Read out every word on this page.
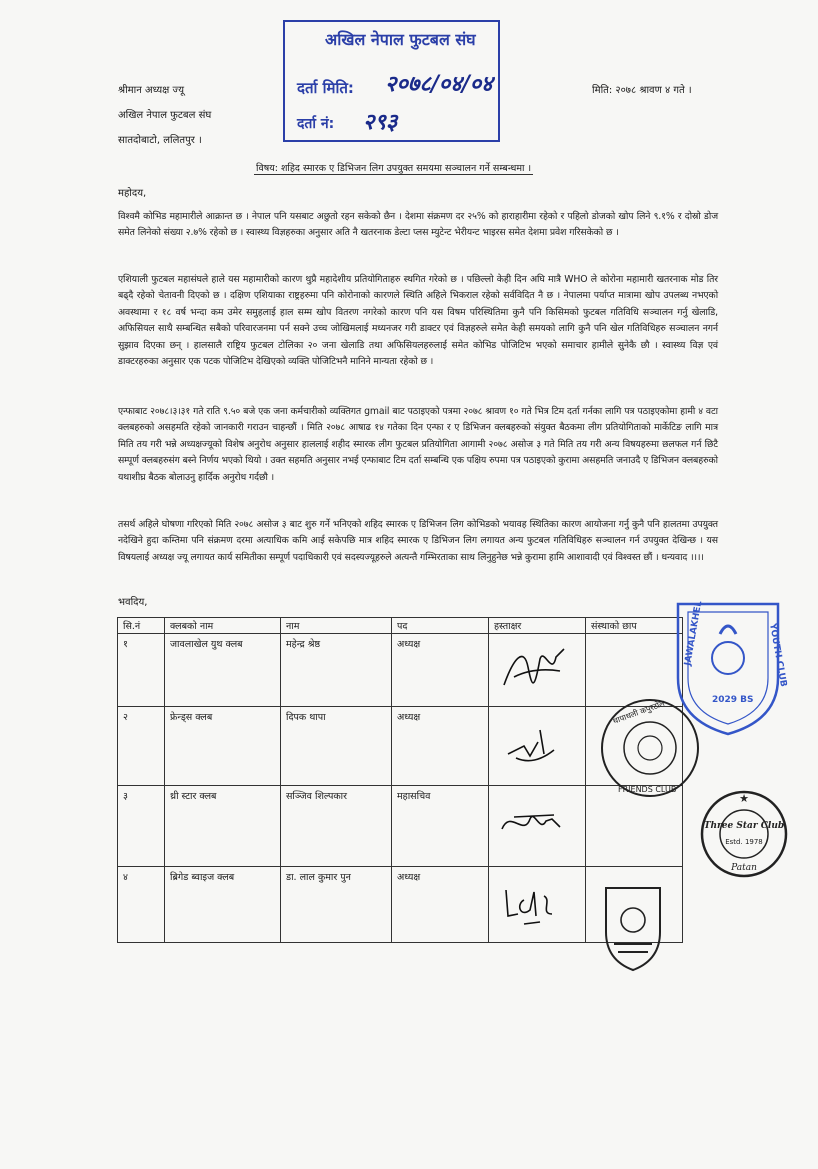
अखिल नेपाल फुटबल संघ
दर्ता मिति: २०७८/०४/०४
दर्ता नं: २९३
श्रीमान अध्यक्ष ज्यू
अखिल नेपाल फुटबल संघ
सातदोबाटो, ललितपुर ।
मिति: २०७८ श्रावण ४ गते ।
विषय: शहिद स्मारक ए डिभिजन लिग उपयुक्त समयमा सञ्चालन गर्ने सम्बन्धमा ।
महोदय,
विश्वमै कोभिड महामारीले आक्रान्त छ । नेपाल पनि यसबाट अछुतो रहन सकेको छैन । देशमा संक्रमण दर २५% को हाराहारीमा रहेको र पहिलो डोजको खोप लिने ९.१% र दोस्रो डोज समेत लिनेको संख्या २.७% रहेको छ । स्वास्थ्य विज्ञहरुका अनुसार अति नै खतरनाक डेल्टा प्लस म्युटेन्ट भेरीयन्ट भाइरस समेत देशमा प्रवेश गरिसकेको छ ।
एशियाली फुटबल महासंघले हाले यस महामारीको कारण थुप्रै महादेशीय प्रतियोगिताहरु स्थगित गरेको छ । पछिल्लो केही दिन अघि मात्रै WHO ले कोरोना महामारी खतरनाक मोड तिर बढ्दै रहेको चेतावनी दिएको छ । दक्षिण एशियाका राष्ट्रहरुमा पनि कोरोनाको कारणले स्थिति अहिले भिकराल रहेको सर्वविदित नै छ । नेपालमा पर्याप्त मात्रामा खोप उपलब्ध नभएको अवस्थामा र १८ वर्ष भन्दा कम उमेर समुहलाई हाल सम्म खोप वितरण नगरेको कारण पनि यस विषम परिस्थितिमा कुनै पनि किसिमको फुटबल गतिविधि सञ्चालन गर्नु खेलाडि, अफिसियल साथै सम्बन्धित सबैको परिवारजनमा पर्न सक्ने उच्च जोखिमलाई मध्यनजर गरी डाक्टर एवं विज्ञहरुले समेत केही समयको लागि कुनै पनि खेल गतिविधिहरु सञ्चालन नगर्न सुझाव दिएका छन् । हालसालै राष्ट्रिय फुटबल टोलिका २० जना खेलाडि तथा अफिसियलहरुलाई समेत कोभिड पोजिटिभ भएको समाचार हामीले सुनेकै छौ । स्वास्थ्य विज्ञ एवं डाक्टरहरुका अनुसार एक पटक पोजिटिभ देखिएको व्यक्ति पोजिटिभनै मानिने मान्यता रहेको छ ।
एन्फाबाट २०७८।३।३१ गते राति ९.५० बजे एक जना कर्मचारीको व्यक्तिगत gmail बाट पठाइएको पत्रमा २०७८ श्रावण १० गते भित्र टिम दर्ता गर्नका लागि पत्र पठाइएकोमा हामी ४ वटा क्लबहरुको असहमति रहेको जानकारी गराउन चाहन्छौं । मिति २०७८ आषाढ १४ गतेका दिन एन्फा र ए डिभिजन क्लबहरुको संयुक्त बैठकमा लीग प्रतियोगिताको मार्केटिङ लागि मात्र मिति तय गरी भन्ने अध्यक्षज्यूको विशेष अनुरोध अनुसार हाललाई शहीद स्मारक लीग फुटबल प्रतियोगिता आगामी २०७८ असोज ३ गते मिति तय गरी अन्य विषयहरुमा छलफल गर्न छिटै सम्पूर्ण क्लबहरुसंग बस्ने निर्णय भएको थियो । उक्त सहमति अनुसार नभई एन्फाबाट टिम दर्ता सम्बन्धि एक पक्षिय रुपमा पत्र पठाइएको कुरामा असहमति जनाउदै ए डिभिजन क्लबहरुको यथाशीघ्र बैठक बोलाउनु हार्दिक अनुरोध गर्दछौ ।
तसर्थ अहिले घोषणा गरिएको मिति २०७८ असोज ३ बाट शुरु गर्ने भनिएको शहिद स्मारक ए डिभिजन लिग कोभिडको भयावह स्थितिका कारण आयोजना गर्नु कुनै पनि हालतमा उपयुक्त नदेखिने हुदा कम्तिमा पनि संक्रमण दरमा अत्याधिक कमि आई सकेपछि मात्र शहिद स्मारक ए डिभिजन लिग लगायत अन्य फुटबल गतिविधिहरु सञ्चालन गर्न उपयुक्त देखिन्छ । यस विषयलाई अध्यक्ष ज्यू लगायत कार्य समितीका सम्पूर्ण पदाधिकारी एवं सदस्यज्यूहरुले अत्यन्तै गम्भिरताका साथ लिनुहुनेछ भन्ने कुरामा हामि आशावादी एवं विश्वस्त छौं । धन्यवाद ।।।।
भवदिय,
सि.नं	क्लबको नाम	नाम	पद	हस्ताक्षर	संस्थाको छाप
१	जावलाखेल युथ क्लब	महेन्द्र श्रेष्ठ	अध्यक्ष		
२	फ्रेन्ड्स क्लब	दिपक थापा	अध्यक्ष		
३	थ्री स्टार क्लब	सञ्जिव शिल्पकार	महासचिव		
४	ब्रिगेड ब्वाइज क्लब	डा. लाल कुमार पुन	अध्यक्ष		
JAWALAKHEL	YOUTH CLUB
2029 BS
थापाथली कपुरटोल
FRIENDS CLUB
★
Three Star Club
Estd. 1978
Patan
